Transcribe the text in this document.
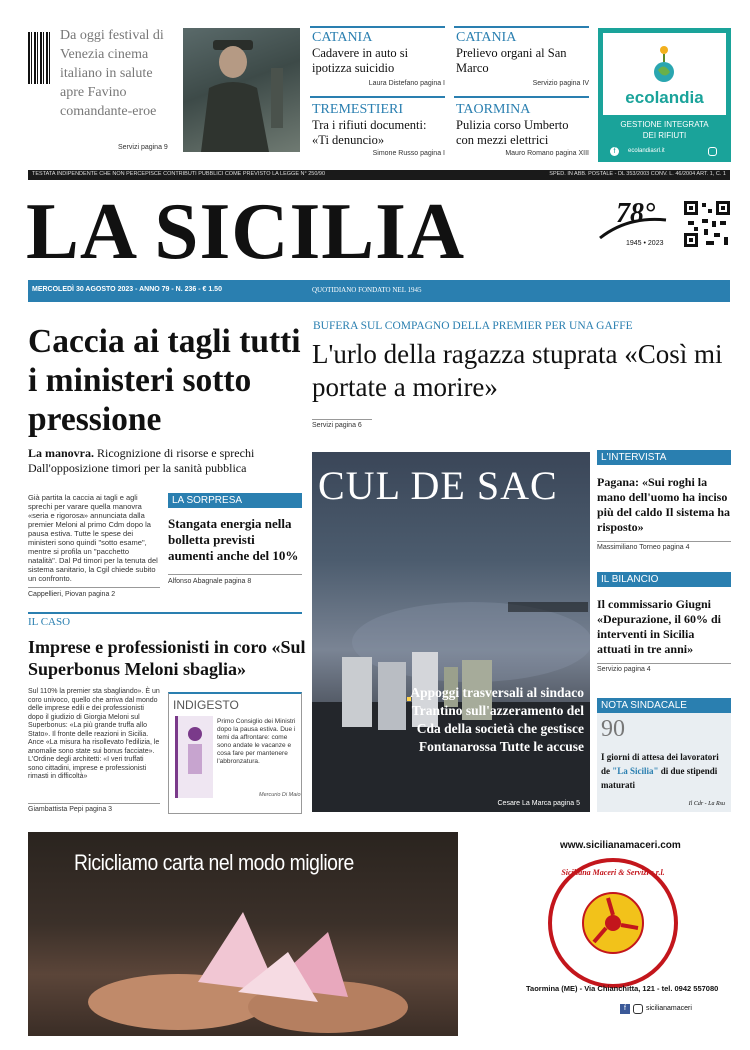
Da oggi festival di Venezia cinema italiano in salute apre Favino comandante-eroe
Servizi pagina 9
CATANIA
Cadavere in auto si ipotizza suicidio
Laura Distefano pagina I
CATANIA
Prelievo organi al San Marco
Servizio pagina IV
TREMESTIERI
Tra i rifiuti documenti: «Ti denuncio»
Simone Russo pagina I
TAORMINA
Pulizia corso Umberto con mezzi elettrici
Mauro Romano pagina XIII
ecolandia
GESTIONE INTEGRATA
DEI RIFIUTI
ecolandiasrl.it
f
TESTATA INDIPENDENTE CHE NON PERCEPISCE CONTRIBUTI PUBBLICI COME PREVISTO LA LEGGE N° 250/90	SPED. IN ABB. POSTALE - DL 353/2003 CONV. L. 46/2004 ART. 1, C. 1
LA SICILIA	78°
1945 • 2023
MERCOLEDÌ 30 AGOSTO 2023 - ANNO 79 - N. 236 - € 1.50	QUOTIDIANO FONDATO NEL 1945
Caccia ai tagli tutti i ministeri sotto pressione
La manovra. Ricognizione di risorse e sprechi Dall'opposizione timori per la sanità pubblica
Già partita la caccia ai tagli e agli sprechi per varare quella manovra «seria e rigorosa» annunciata dalla premier Meloni al primo Cdm dopo la pausa estiva. Tutte le spese dei ministeri sono quindi "sotto esame", mentre si profila un "pacchetto natalità". Dal Pd timori per la tenuta del sistema sanitario, la Cgil chiede subito un confronto.
Cappellieri, Piovan pagina 2
LA SORPRESA
Stangata energia nella bolletta previsti aumenti anche del 10%
Alfonso Abagnale pagina 8
IL CASO
Imprese e professionisti in coro «Sul Superbonus Meloni sbaglia»
Sul 110% la premier sta sbagliando». È un coro univoco, quello che arriva dal mondo delle imprese edili e dei professionisti dopo il giudizio di Giorgia Meloni sul Superbonus: «La più grande truffa allo Stato». Il fronte delle reazioni in Sicilia. Ance «La misura ha risollevato l'edilizia, le anomalie sono state sui bonus facciate». L'Ordine degli architetti: «I veri truffati sono cittadini, imprese e professionisti rimasti in difficoltà»
Giambattista Pepi pagina 3
INDIGESTO
Primo Consiglio dei Ministri dopo la pausa estiva. Due i temi da affrontare: come sono andate le vacanze e cosa fare per mantenere l'abbronzatura.
Mercurio Di Maio
BUFERA SUL COMPAGNO DELLA PREMIER PER UNA GAFFE
L'urlo della ragazza stuprata «Così mi portate a morire»
Servizi pagina 6
CUL DE SAC
Appoggi trasversali al sindaco Trantino sull'azzeramento del Cda della società che gestisce Fontanarossa Tutte le accuse
Cesare La Marca pagina 5
L'INTERVISTA
Pagana: «Sui roghi la mano dell'uomo ha inciso più del caldo Il sistema ha risposto»
Massimiliano Torneo pagina 4
IL BILANCIO
Il commissario Giugni «Depurazione, il 60% di interventi in Sicilia attuati in tre anni»
Servizio pagina 4
NOTA SINDACALE
90
I giorni di attesa dei lavoratori de "La Sicilia" di due stipendi maturati
Il Cdr - La Rsu
Ricicliamo carta nel modo migliore
www.sicilianamaceri.com
Siciliana Maceri & Servizi s.r.l.
Taormina (ME) - Via Chianchitta, 121 - tel. 0942 557080
f	sicilianamaceri
